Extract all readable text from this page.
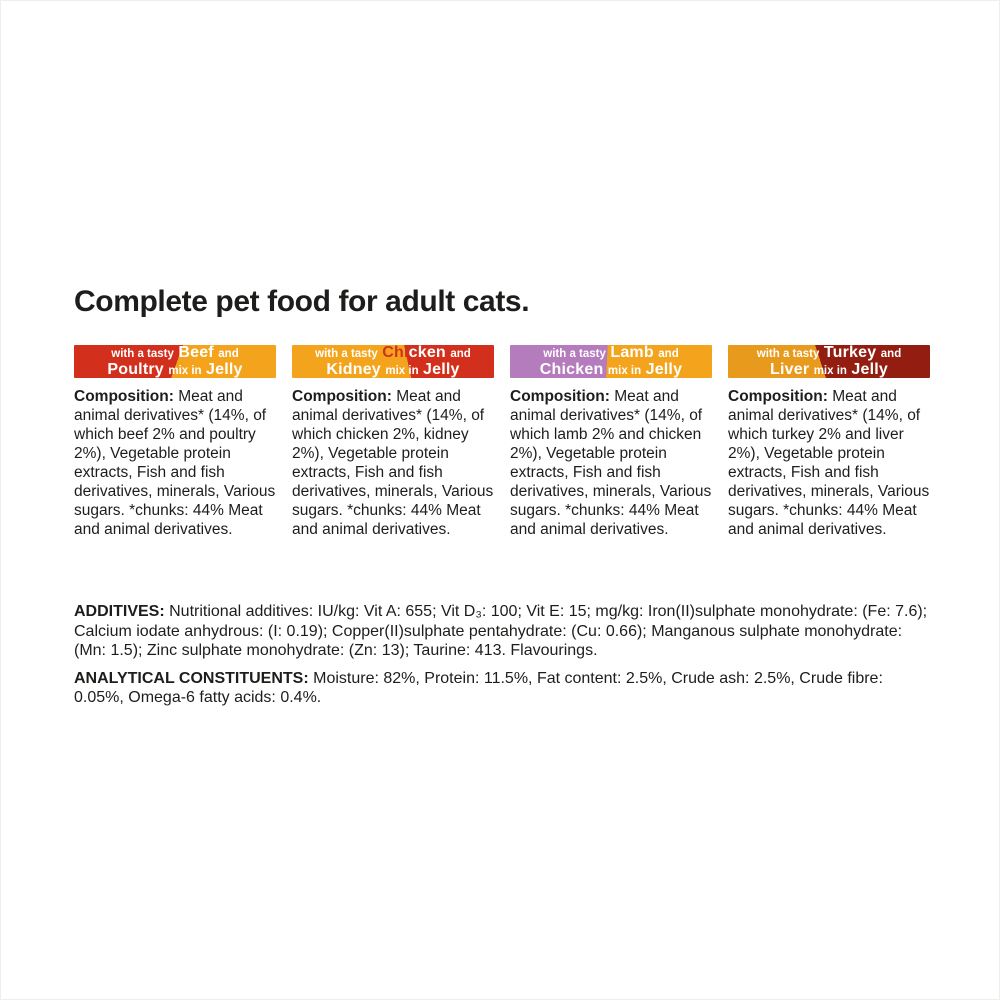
Complete pet food for adult cats.
with a tasty Beef and
Poultry mix in Jelly

Composition: Meat and animal derivatives* (14%, of which beef 2% and poultry 2%), Vegetable protein extracts, Fish and fish derivatives, minerals, Various sugars. *chunks: 44% Meat and animal derivatives.

with a tasty Chicken and
Kidney mix in Jelly

Composition: Meat and animal derivatives* (14%, of which chicken 2%, kidney 2%), Vegetable protein extracts, Fish and fish derivatives, minerals, Various sugars. *chunks: 44% Meat and animal derivatives.

with a tasty Lamb and
Chicken mix in Jelly

Composition: Meat and animal derivatives* (14%, of which lamb 2% and chicken 2%), Vegetable protein extracts, Fish and fish derivatives, minerals, Various sugars. *chunks: 44% Meat and animal derivatives.

with a tasty Turkey and
Liver mix in Jelly

Composition: Meat and animal derivatives* (14%, of which turkey 2% and liver 2%), Vegetable protein extracts, Fish and fish derivatives, minerals, Various sugars. *chunks: 44% Meat and animal derivatives.

ADDITIVES: Nutritional additives: IU/kg: Vit A: 655; Vit D₃: 100; Vit E: 15; mg/kg: Iron(II)sulphate monohydrate: (Fe: 7.6); Calcium iodate anhydrous: (I: 0.19); Copper(II)sulphate pentahydrate: (Cu: 0.66); Manganous sulphate monohydrate: (Mn: 1.5); Zinc sulphate monohydrate: (Zn: 13); Taurine: 413. Flavourings.

ANALYTICAL CONSTITUENTS: Moisture: 82%, Protein: 11.5%, Fat content: 2.5%, Crude ash: 2.5%, Crude fibre: 0.05%, Omega-6 fatty acids: 0.4%.
